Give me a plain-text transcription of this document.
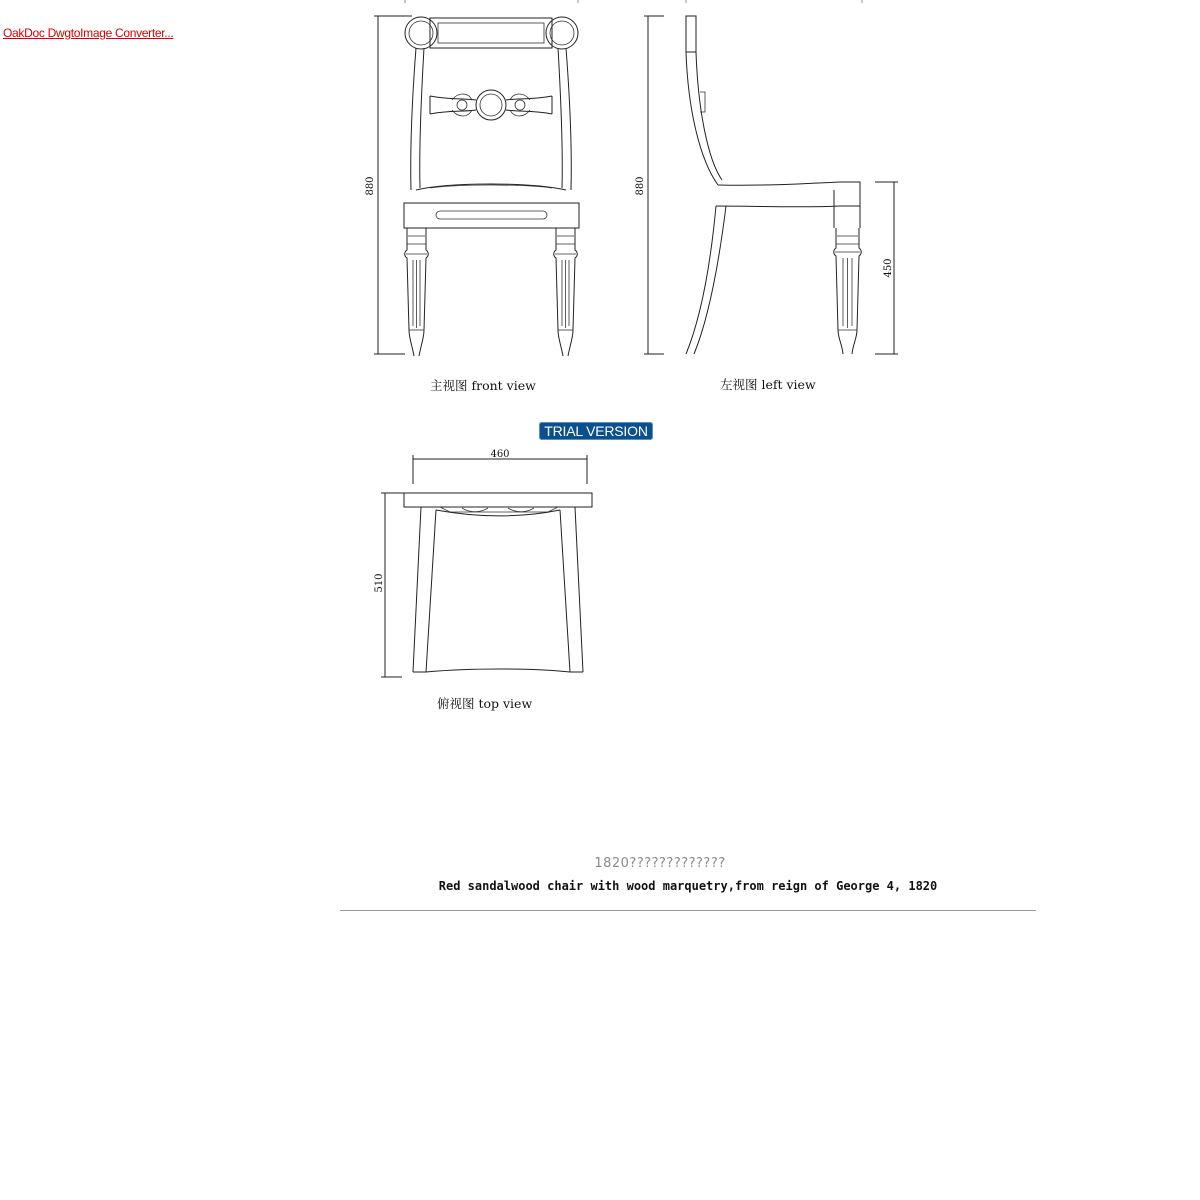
OakDoc DwgtoImage Converter...
880
主视图 front view
880
450
左视图 left view
460
510
俯视图 top view
TRIAL VERSION
1820?????????????
Red sandalwood chair with wood marquetry,from reign of George 4, 1820
